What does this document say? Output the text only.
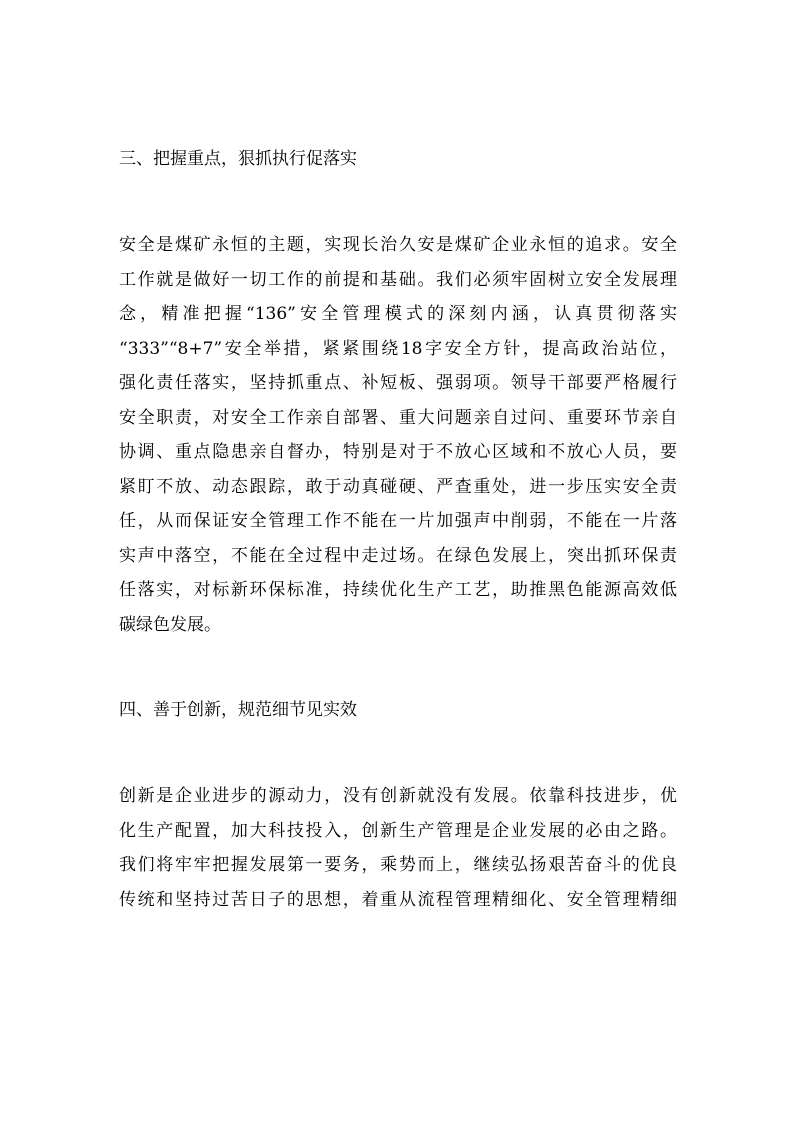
三、把握重点，狠抓执行促落实

安全是煤矿永恒的主题，实现长治久安是煤矿企业永恒的追求。安全
工作就是做好一切工作的前提和基础。我们必须牢固树立安全发展理
念，精准把握“136”安全管理模式的深刻内涵，认真贯彻落实
“333”“8+7”安全举措，紧紧围绕18字安全方针，提高政治站位，
强化责任落实，坚持抓重点、补短板、强弱项。领导干部要严格履行
安全职责，对安全工作亲自部署、重大问题亲自过问、重要环节亲自
协调、重点隐患亲自督办，特别是对于不放心区域和不放心人员，要
紧盯不放、动态跟踪，敢于动真碰硬、严查重处，进一步压实安全责
任，从而保证安全管理工作不能在一片加强声中削弱，不能在一片落
实声中落空，不能在全过程中走过场。在绿色发展上，突出抓环保责
任落实，对标新环保标准，持续优化生产工艺，助推黑色能源高效低
碳绿色发展。

四、善于创新，规范细节见实效

创新是企业进步的源动力，没有创新就没有发展。依靠科技进步，优
化生产配置，加大科技投入，创新生产管理是企业发展的必由之路。
我们将牢牢把握发展第一要务，乘势而上，继续弘扬艰苦奋斗的优良
传统和坚持过苦日子的思想，着重从流程管理精细化、安全管理精细
